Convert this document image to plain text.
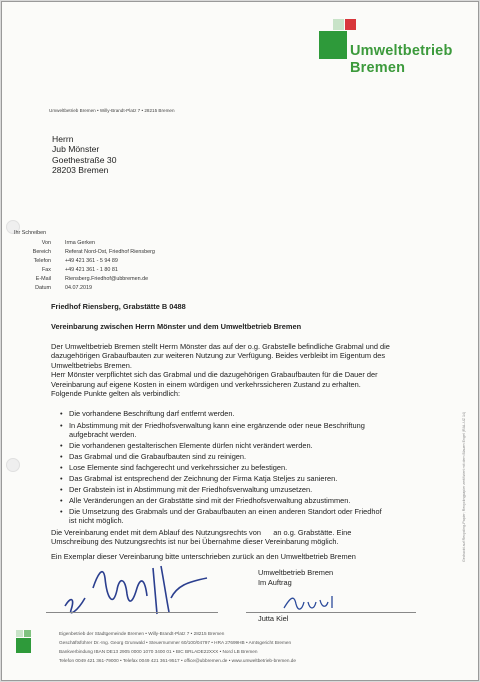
Umweltbetrieb
Bremen
Umweltbetrieb Bremen • Willy-Brandt-Platz 7 • 28215 Bremen
Herrn
Jub Mönster
Goethestraße 30
28203 Bremen
Ihr Schreiben
Von	Irma Gerken
Bereich	Referat Nord-Ost, Friedhof Riensberg
Telefon	+49 421 361 - 5 94 89
Fax	+49 421 361 - 1 80 81
E-Mail	Riensberg.Friedhof@ubbremen.de
Datum	04.07.2019
Friedhof Riensberg, Grabstätte B 0488
Vereinbarung zwischen Herrn Mönster und dem Umweltbetrieb Bremen
Der Umweltbetrieb Bremen stellt Herrn Mönster das auf der o.g. Grabstelle befindliche Grabmal und die
dazugehörigen Grabaufbauten zur weiteren Nutzung zur Verfügung. Beides verbleibt im Eigentum des
Umweltbetriebs Bremen.
Herr Mönster verpflichtet sich das Grabmal und die dazugehörigen Grabaufbauten für die Dauer der
Vereinbarung auf eigene Kosten in einem würdigen und verkehrssicheren Zustand zu erhalten.
Folgende Punkte gelten als verbindlich:
• Die vorhandene Beschriftung darf entfernt werden.
• In Abstimmung mit der Friedhofsverwaltung kann eine ergänzende oder neue Beschriftung aufgebracht werden.
• Die vorhandenen gestalterischen Elemente dürfen nicht verändert werden.
• Das Grabmal und die Grabaufbauten sind zu reinigen.
• Lose Elemente sind fachgerecht und verkehrssicher zu befestigen.
• Das Grabmal ist entsprechend der Zeichnung der Firma Katja Steljes zu sanieren.
• Der Grabstein ist in Abstimmung mit der Friedhofsverwaltung umzusetzen.
• Alle Veränderungen an der Grabstätte sind mit der Friedhofsverwaltung abzustimmen.
• Die Umsetzung des Grabmals und der Grabaufbauten an einen anderen Standort oder Friedhof ist nicht möglich.
Die Vereinbarung endet mit dem Ablauf des Nutzungsrechts von      an o.g. Grabstätte. Eine
Umschreibung des Nutzungsrechts ist nur bei Übernahme dieser Vereinbarung möglich.
Ein Exemplar dieser Vereinbarung bitte unterschrieben zurück an den Umweltbetrieb Bremen
Umweltbetrieb Bremen
Im Auftrag
Jutta Kiel
Eigenbetrieb der Stadtgemeinde Bremen • Willy-Brandt-Platz 7 • 28215 Bremen
Geschäftsführer Dr.-Ing. Georg Grunwald • Steuernummer 60/100/04797 • HRA 27699HB • Amtsgericht Bremen
Bankverbindung IBAN DE13 2905 0000 1070 3400 01 • BIC BRLADE22XXX • Nord LB Bremen
Telefon 0049 421 361-79000 • Telefax 0049 421 361-9517 • office@ubbremen.de • www.umweltbetrieb-bremen.de
Gedruckt auf Recycling-Papier; Recyclingpapier zertifiziert mit dem Blauen Engel (RAL-UZ 14)
